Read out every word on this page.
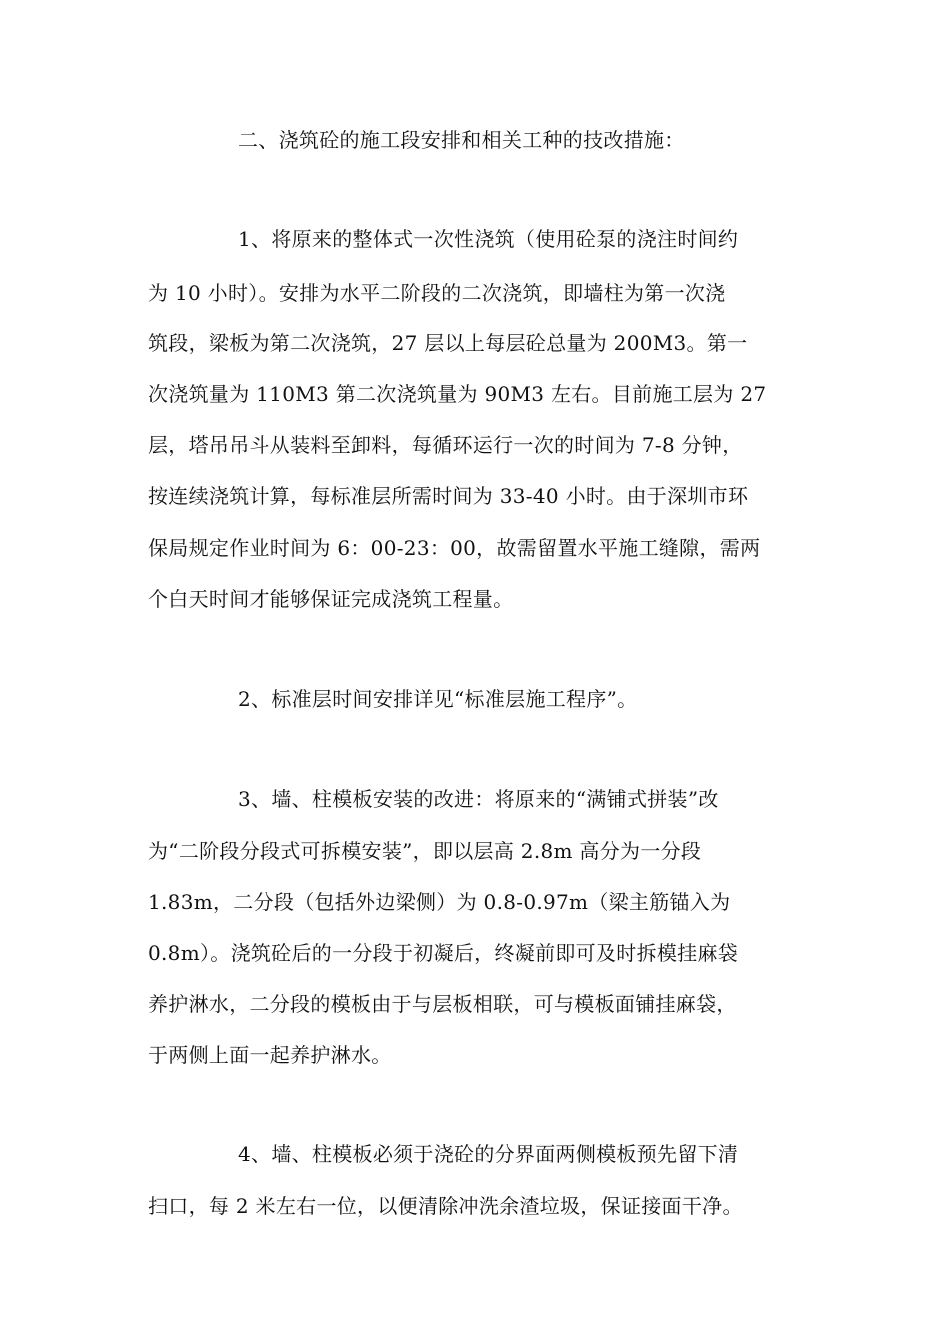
二、浇筑砼的施工段安排和相关工种的技改措施：
1、将原来的整体式一次性浇筑（使用砼泵的浇注时间约
为 10 小时）。安排为水平二阶段的二次浇筑，即墙柱为第一次浇
筑段，梁板为第二次浇筑，27 层以上每层砼总量为 200M3。第一
次浇筑量为 110M3 第二次浇筑量为 90M3 左右。目前施工层为 27
层，塔吊吊斗从装料至卸料，每循环运行一次的时间为 7-8 分钟，
按连续浇筑计算，每标准层所需时间为 33-40 小时。由于深圳市环
保局规定作业时间为 6：00-23：00，故需留置水平施工缝隙，需两
个白天时间才能够保证完成浇筑工程量。
2、标准层时间安排详见“标准层施工程序”。
3、墙、柱模板安装的改进：将原来的“满铺式拼装”改
为“二阶段分段式可拆模安装”，即以层高 2.8m 高分为一分段
1.83m，二分段（包括外边梁侧）为 0.8-0.97m（梁主筋锚入为
0.8m）。浇筑砼后的一分段于初凝后，终凝前即可及时拆模挂麻袋
养护淋水，二分段的模板由于与层板相联，可与模板面铺挂麻袋，
于两侧上面一起养护淋水。
4、墙、柱模板必须于浇砼的分界面两侧模板预先留下清
扫口，每 2 米左右一位，以便清除冲洗余渣垃圾，保证接面干净。
